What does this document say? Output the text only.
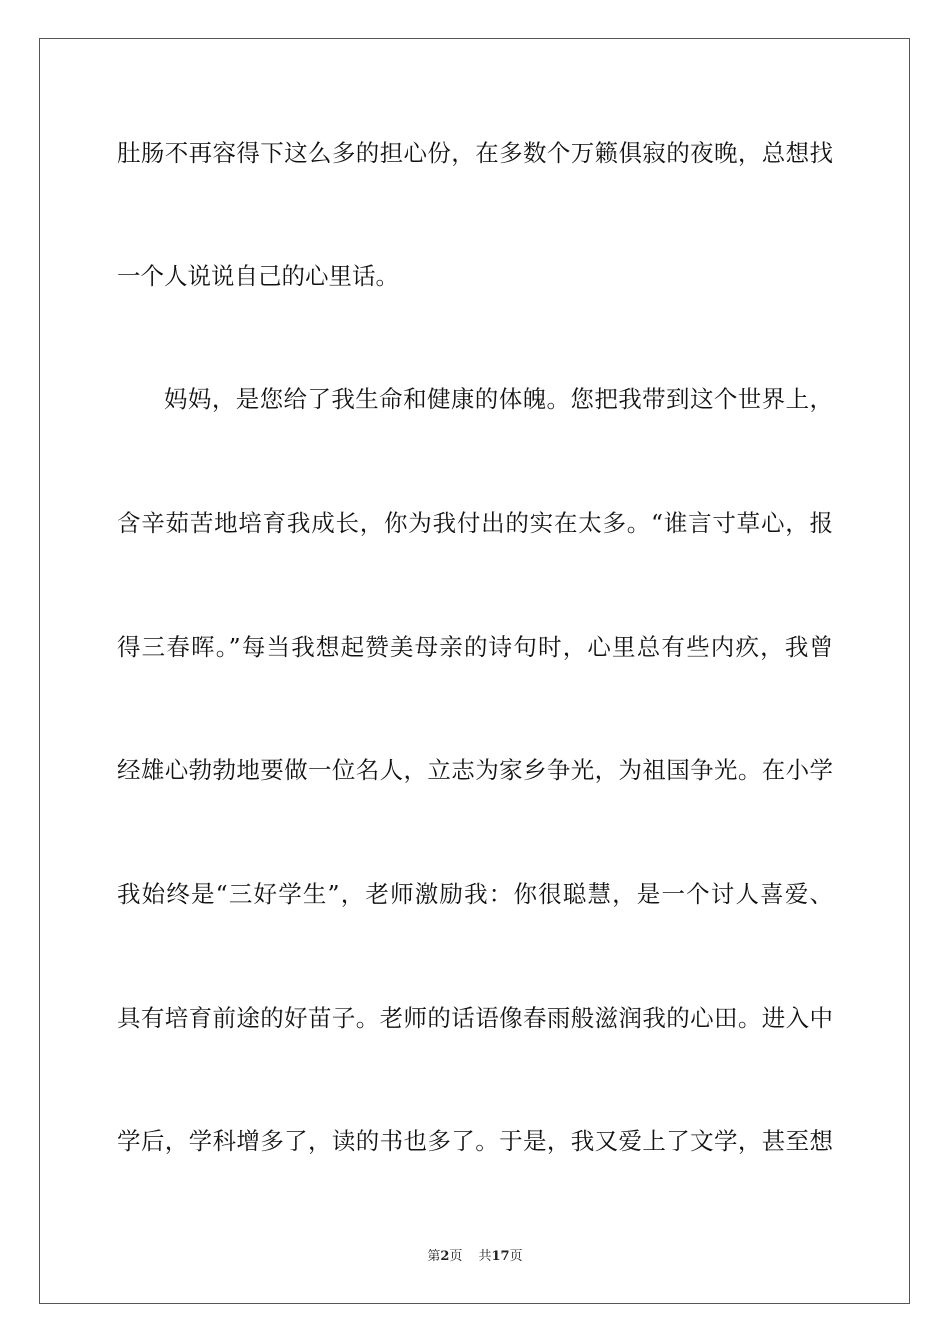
肚肠不再容得下这么多的担心份，在多数个万籁俱寂的夜晚，总想找

一个人说说自己的心里话。

妈妈，是您给了我生命和健康的体魄。您把我带到这个世界上，

含辛茹苦地培育我成长，你为我付出的实在太多。“谁言寸草心，报

得三春晖。”每当我想起赞美母亲的诗句时，心里总有些内疚，我曾

经雄心勃勃地要做一位名人，立志为家乡争光，为祖国争光。在小学

我始终是“三好学生”，老师激励我：你很聪慧，是一个讨人喜爱、

具有培育前途的好苗子。老师的话语像春雨般滋润我的心田。进入中

学后，学科增多了，读的书也多了。于是，我又爱上了文学，甚至想

第2页 共17页
